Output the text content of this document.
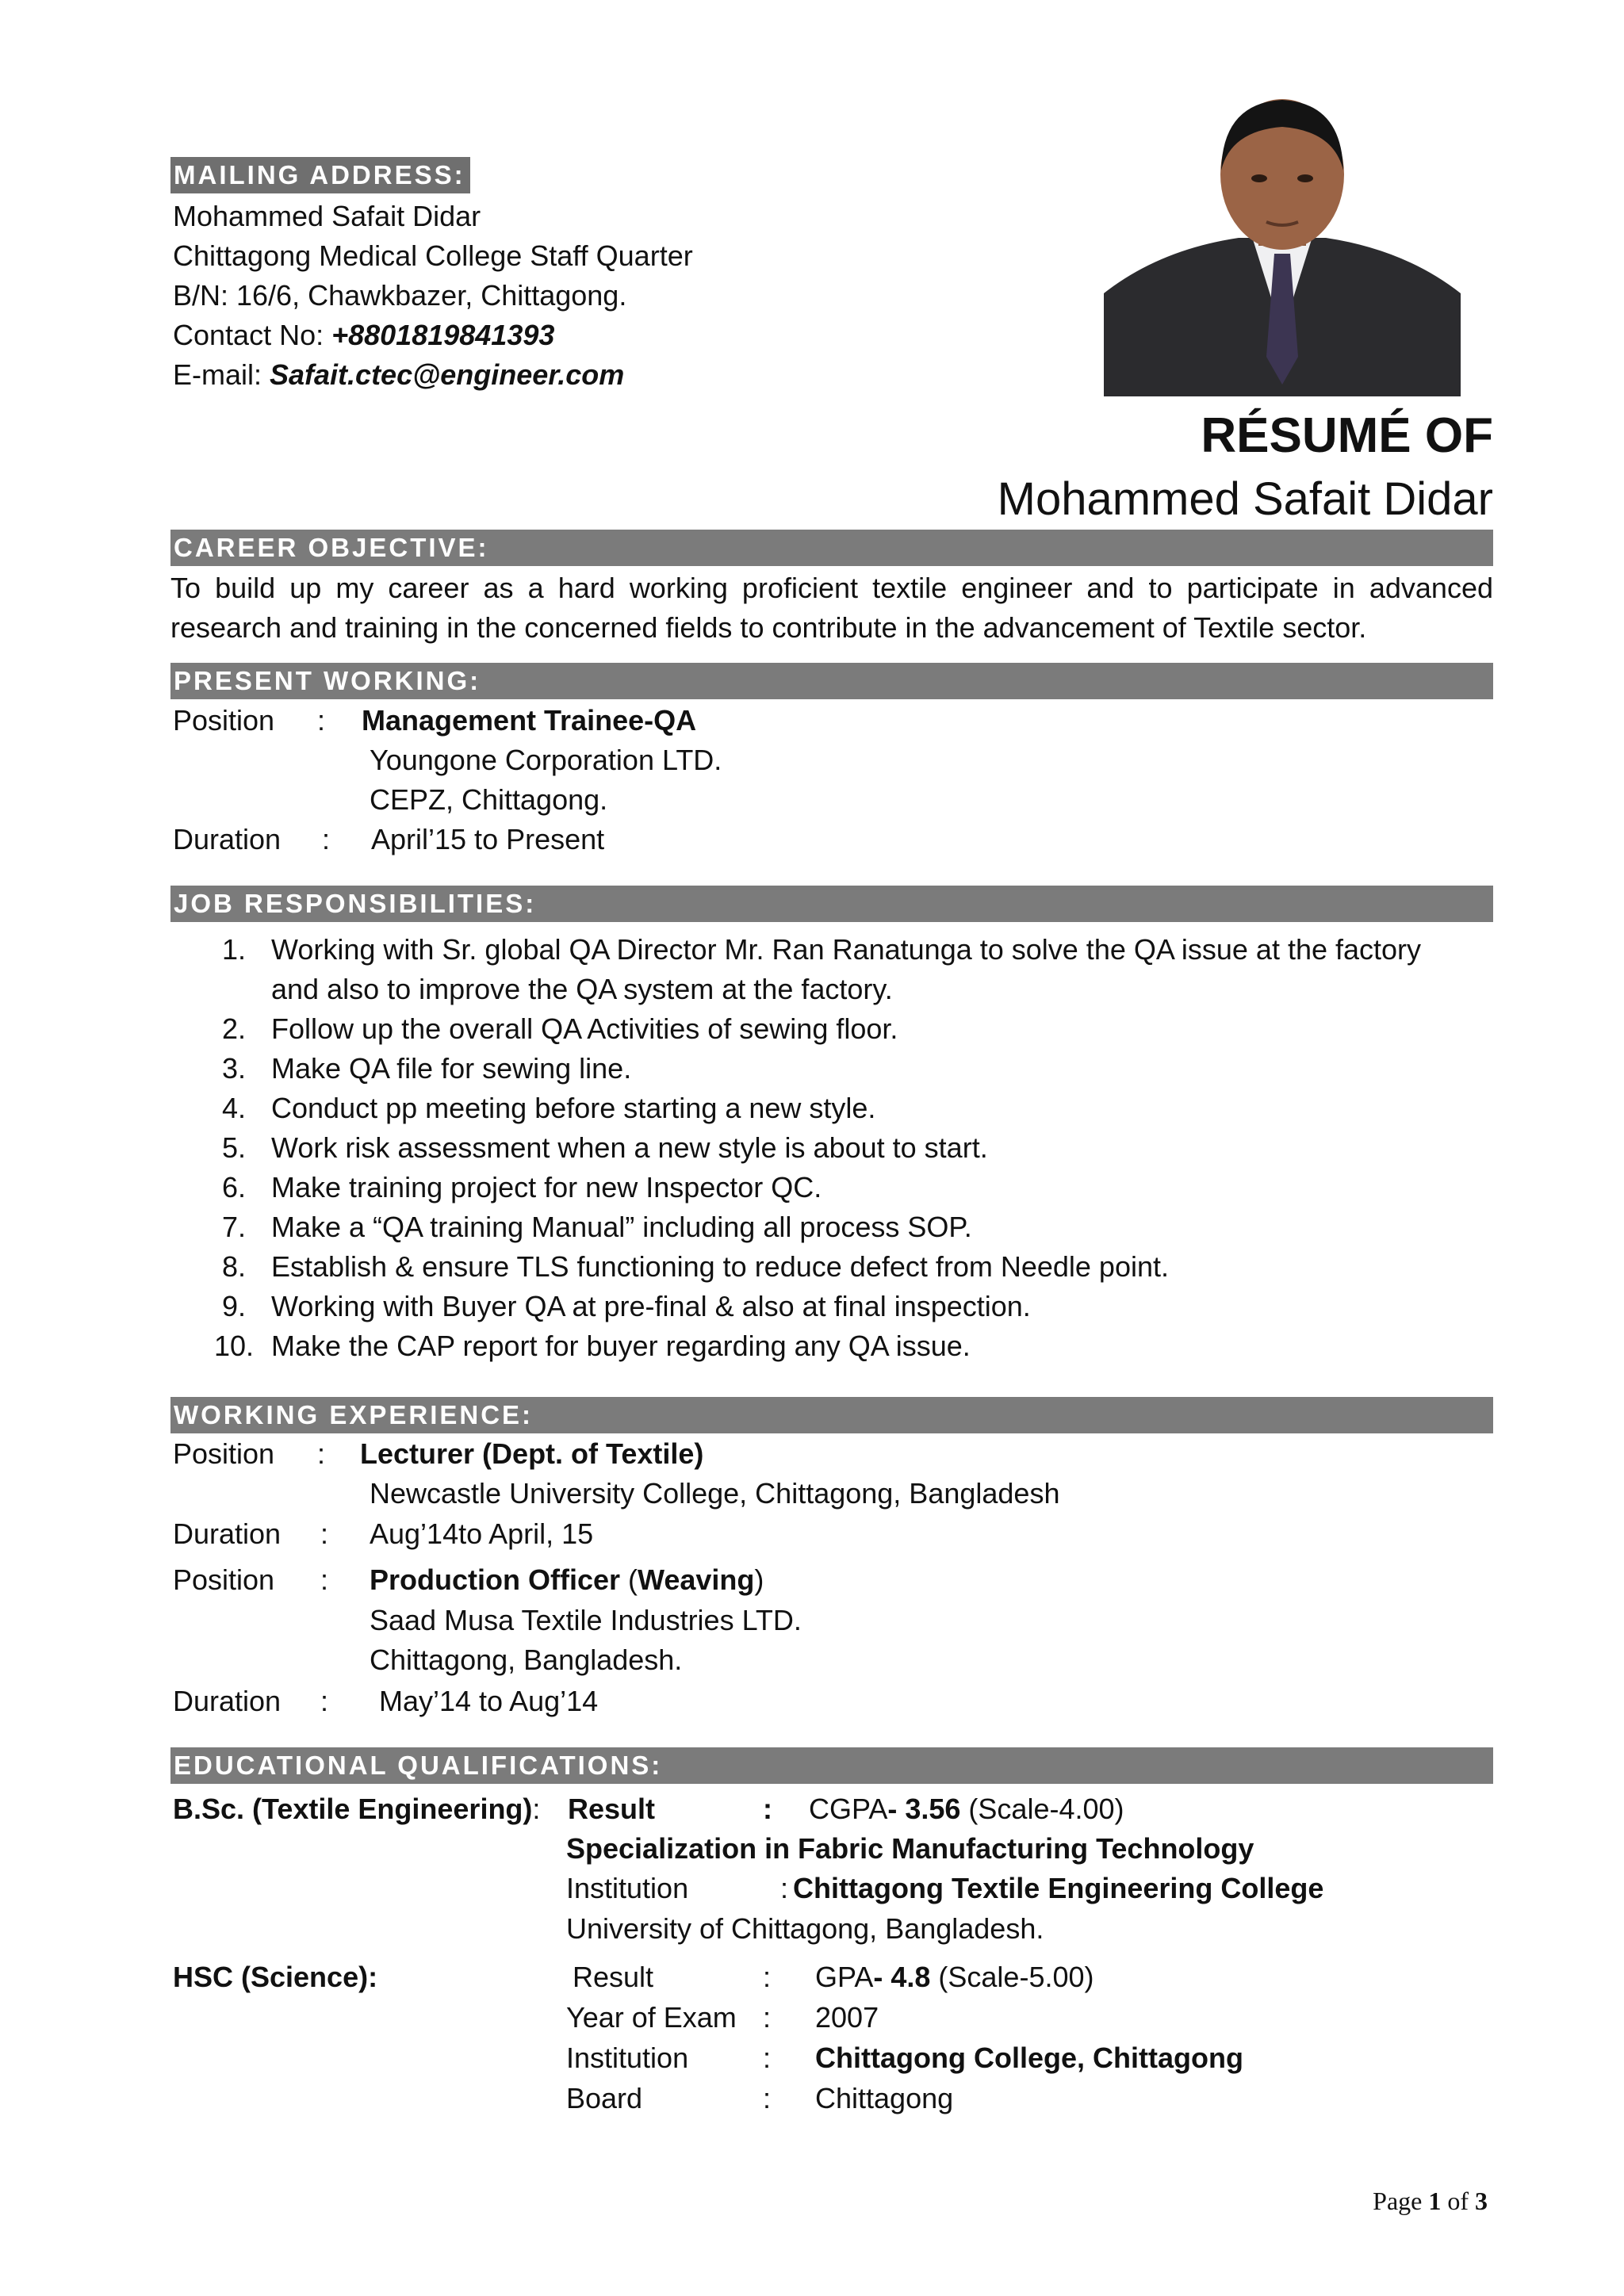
MAILING ADDRESS:
Mohammed Safait Didar
Chittagong Medical College Staff Quarter
B/N: 16/6, Chawkbazer, Chittagong.
Contact No: +8801819841393
E-mail: Safait.ctec@engineer.com
RÉSUMÉ OF
Mohammed Safait Didar
CAREER OBJECTIVE:
To build up my career as a hard working proficient textile engineer and to participate in advanced research and training in the concerned fields to contribute in the advancement of Textile sector.
PRESENT WORKING:
Position : Management Trainee-QA
Youngone Corporation LTD.
CEPZ, Chittagong.
Duration : April’15 to Present
JOB RESPONSIBILITIES:
1. Working with Sr. global QA Director Mr. Ran Ranatunga to solve the QA issue at the factory
and also to improve the QA system at the factory.
2. Follow up the overall QA Activities of sewing floor.
3. Make QA file for sewing line.
4. Conduct pp meeting before starting a new style.
5. Work risk assessment when a new style is about to start.
6. Make training project for new Inspector QC.
7. Make a “QA training Manual” including all process SOP.
8. Establish & ensure TLS functioning to reduce defect from Needle point.
9. Working with Buyer QA at pre-final & also at final inspection.
10. Make the CAP report for buyer regarding any QA issue.
WORKING EXPERIENCE:
Position : Lecturer (Dept. of Textile)
Newcastle University College, Chittagong, Bangladesh
Duration : Aug’14to April, 15
Position : Production Officer (Weaving)
Saad Musa Textile Industries LTD.
Chittagong, Bangladesh.
Duration : May’14 to Aug’14
EDUCATIONAL QUALIFICATIONS:
B.Sc. (Textile Engineering): Result	: CGPA- 3.56 (Scale-4.00)
Specialization in Fabric Manufacturing Technology
Institution	: Chittagong Textile Engineering College
University of Chittagong, Bangladesh.
HSC (Science):	Result	: GPA- 4.8 (Scale-5.00)
Year of Exam : 2007
Institution	: Chittagong College, Chittagong
Board	: Chittagong
Page 1 of 3
